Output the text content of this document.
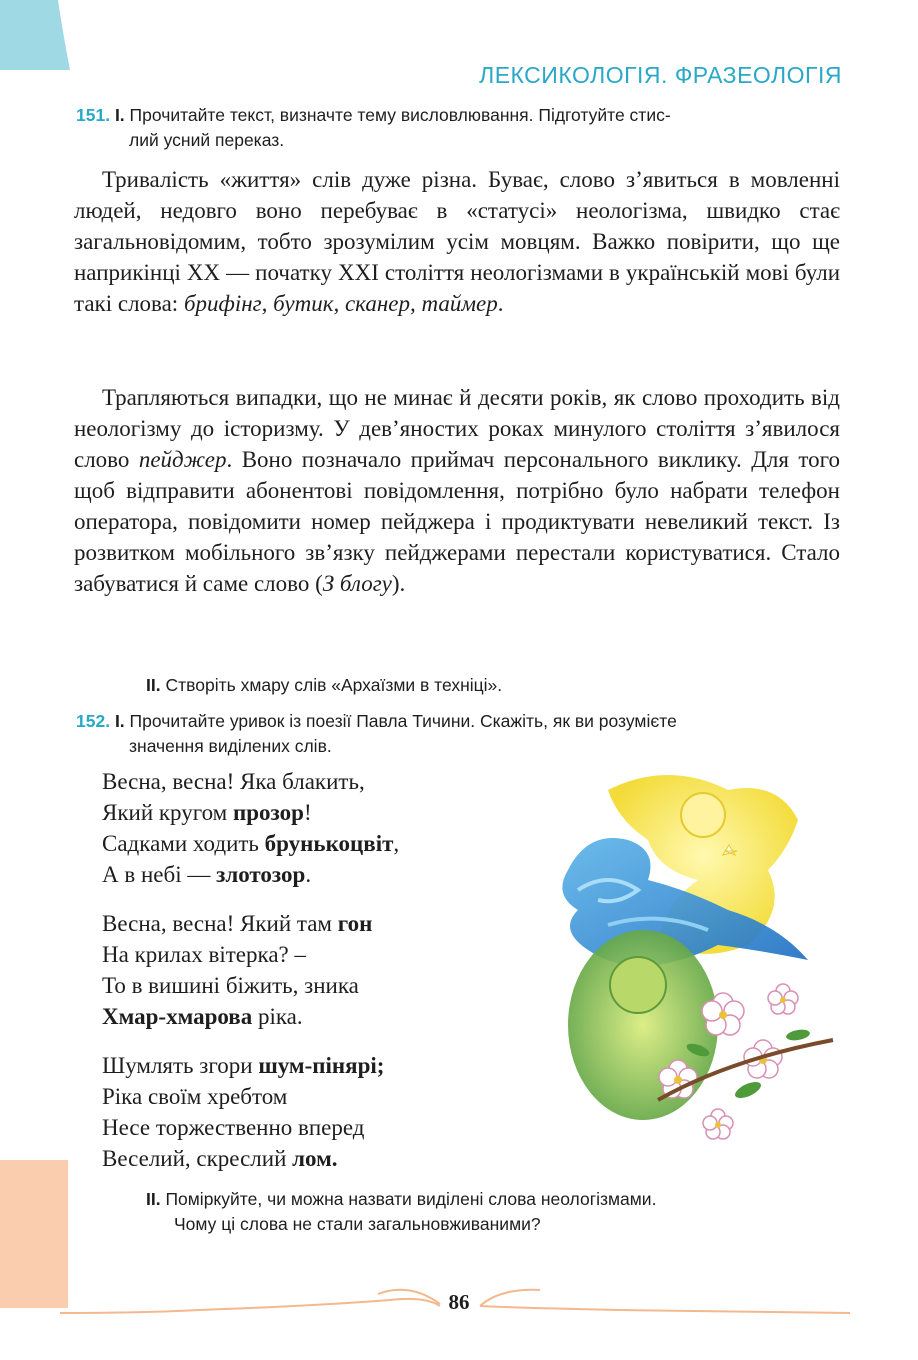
ЛЕКСИКОЛОГІЯ. ФРАЗЕОЛОГІЯ
151. I. Прочитайте текст, визначте тему висловлювання. Підготуйте стис-
лий усний переказ.

Тривалість «життя» слів дуже різна. Буває, слово з’явиться в мовленні людей, недовго воно перебуває в «статусі» неологізма, швидко стає загальновідомим, тобто зрозумілим усім мовцям. Важко повірити, що ще наприкінці XX — початку XXI століття неологізмами в українській мові були такі слова: брифінг, бутик, сканер, таймер.

Трапляються випадки, що не минає й десяти років, як слово проходить від неологізму до історизму. У дев’яностих роках минулого століття з’явилося слово пейджер. Воно позначало приймач персонального виклику. Для того щоб відправити абонентові повідомлення, потрібно було набрати телефон оператора, повідомити номер пейджера і продиктувати невеликий текст. Із розвитком мобільного зв’язку пейджерами перестали користуватися. Стало забуватися й саме слово (З блогу).

II. Створіть хмару слів «Архаїзми в техніці».
152. I. Прочитайте уривок із поезії Павла Тичини. Скажіть, як ви розумієте
значення виділених слів.
Весна, весна! Яка блакить,
Який кругом прозор!
Садками ходить брунькоцвіт,
А в небі — злотозор.
Весна, весна! Який там гон
На крилах вітерка? –
То в вишині біжить, зника
Хмар-хмарова ріка.
Шумлять згори шум-пінярі;
Ріка своїм хребтом
Несе торжественно вперед
Веселий, скреслий лом.
II. Поміркуйте, чи можна назвати виділені слова неологізмами.
Чому ці слова не стали загальновживаними?
86
